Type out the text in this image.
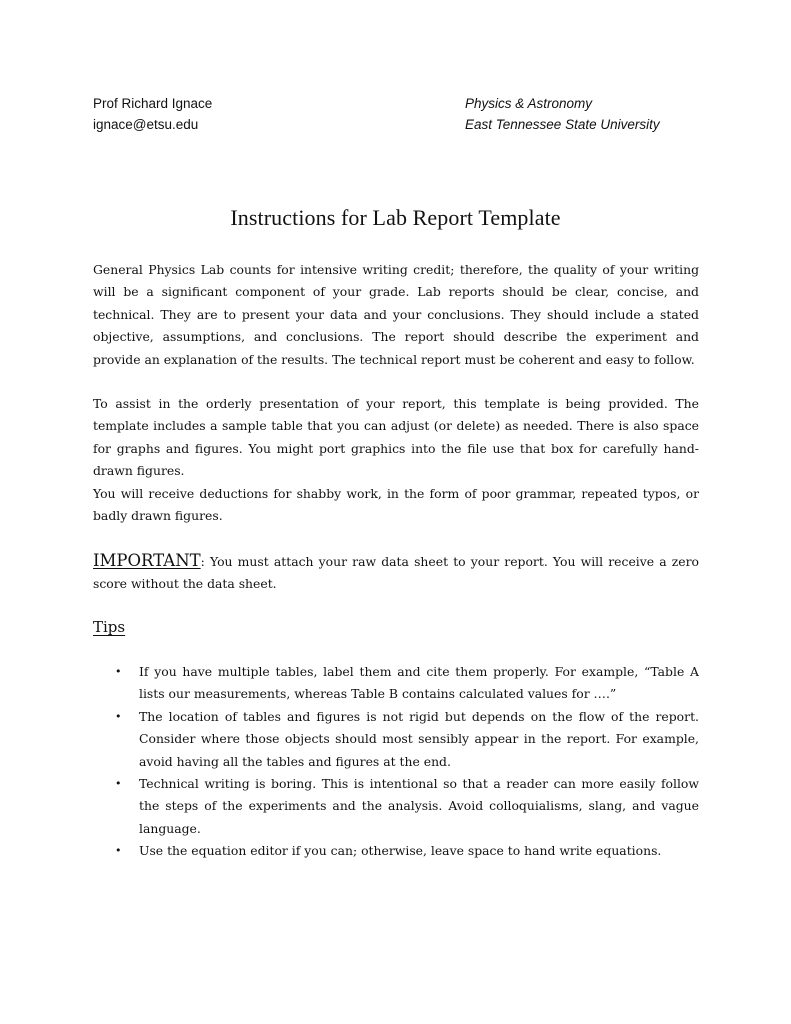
Prof Richard Ignace
ignace@etsu.edu
Physics & Astronomy
East Tennessee State University
Instructions for Lab Report Template

General Physics Lab counts for intensive writing credit; therefore, the quality of your writing will be a significant component of your grade. Lab reports should be clear, concise, and technical. They are to present your data and your conclusions. They should include a stated objective, assumptions, and conclusions. The report should describe the experiment and provide an explanation of the results. The technical report must be coherent and easy to follow.

To assist in the orderly presentation of your report, this template is being provided. The template includes a sample table that you can adjust (or delete) as needed. There is also space for graphs and figures. You might port graphics into the file use that box for carefully hand-drawn figures.

You will receive deductions for shabby work, in the form of poor grammar, repeated typos, or badly drawn figures.

IMPORTANT: You must attach your raw data sheet to your report. You will receive a zero score without the data sheet.

Tips
• If you have multiple tables, label them and cite them properly. For example, “Table A lists our measurements, whereas Table B contains calculated values for ….”
• The location of tables and figures is not rigid but depends on the flow of the report. Consider where those objects should most sensibly appear in the report. For example, avoid having all the tables and figures at the end.
• Technical writing is boring. This is intentional so that a reader can more easily follow the steps of the experiments and the analysis. Avoid colloquialisms, slang, and vague language.
• Use the equation editor if you can; otherwise, leave space to hand write equations.
